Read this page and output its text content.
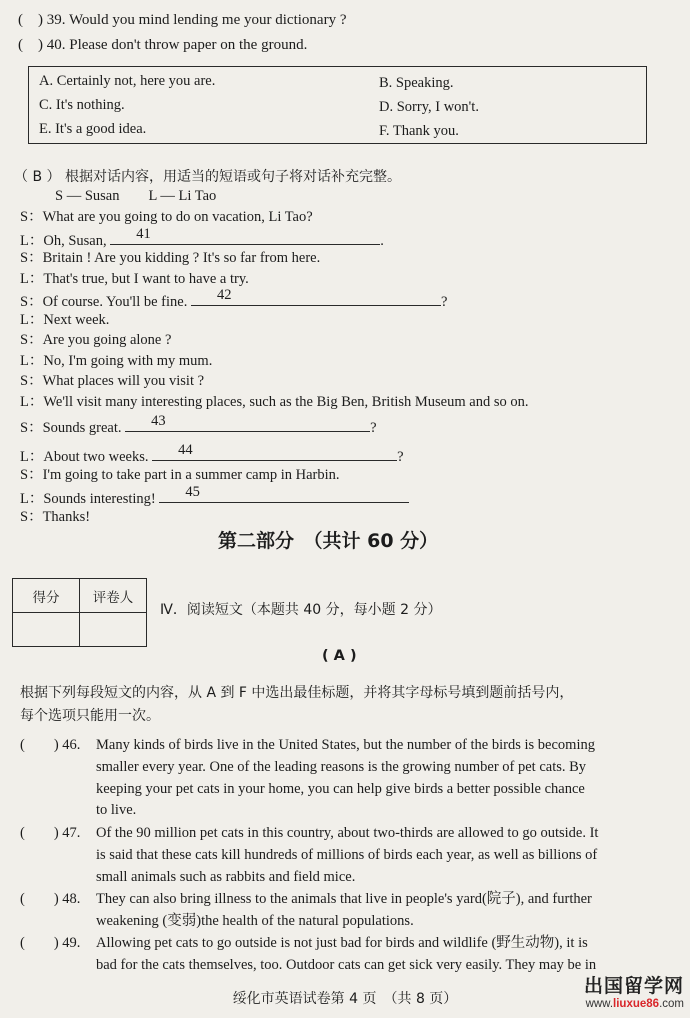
( ) 39. Would you mind lending me your dictionary ?
( ) 40. Please don't throw paper on the ground.
A. Certainly not, here you are.	B. Speaking.
C. It's nothing.	D. Sorry, I won't.
E. It's a good idea.	F. Thank you.
（ B ） 根据对话内容，用适当的短语或句子将对话补充完整。
S — Susan        L — Li Tao
S：What are you going to do on vacation, Li Tao?
L：Oh, Susan, 41	.
S：Britain ! Are you kidding ? It's so far from here.
L：That's true, but I want to have a try.
S：Of course. You'll be fine. 42	?
L：Next week.
S：Are you going alone ?
L：No, I'm going with my mum.
S：What places will you visit ?
L：We'll visit many interesting places, such as the Big Ben, British Museum and so on.
S：Sounds great. 43	?
L：About two weeks. 44	?
S：I'm going to take part in a summer camp in Harbin.
L：Sounds interesting! 45
S：Thanks!
第二部分　（共计 60 分）
得分	评卷人

Ⅳ．阅读短文（本题共 40 分，每小题 2 分）
( A )
根据下列每段短文的内容，从 A 到 F 中选出最佳标题，并将其字母标号填到题前括号内，
每个选项只能用一次。
(　　) 46. Many kinds of birds live in the United States, but the number of the birds is becoming
smaller every year. One of the leading reasons is the growing number of pet cats. By
keeping your pet cats in your home, you can help give birds a better possible chance
to live.
(　　) 47. Of the 90 million pet cats in this country, about two-thirds are allowed to go outside. It
is said that these cats kill hundreds of millions of birds each year, as well as billions of
small animals such as rabbits and field mice.
(　　) 48. They can also bring illness to the animals that live in people's yard(院子), and further
weakening (变弱)the health of the natural populations.
(　　) 49. Allowing pet cats to go outside is not just bad for birds and wildlife (野生动物), it is
bad for the cats themselves, too. Outdoor cats can get sick very easily. They may be in
绥化市英语试卷第 4 页　（共 8 页）
出国留学网
www.liuxue86.com
